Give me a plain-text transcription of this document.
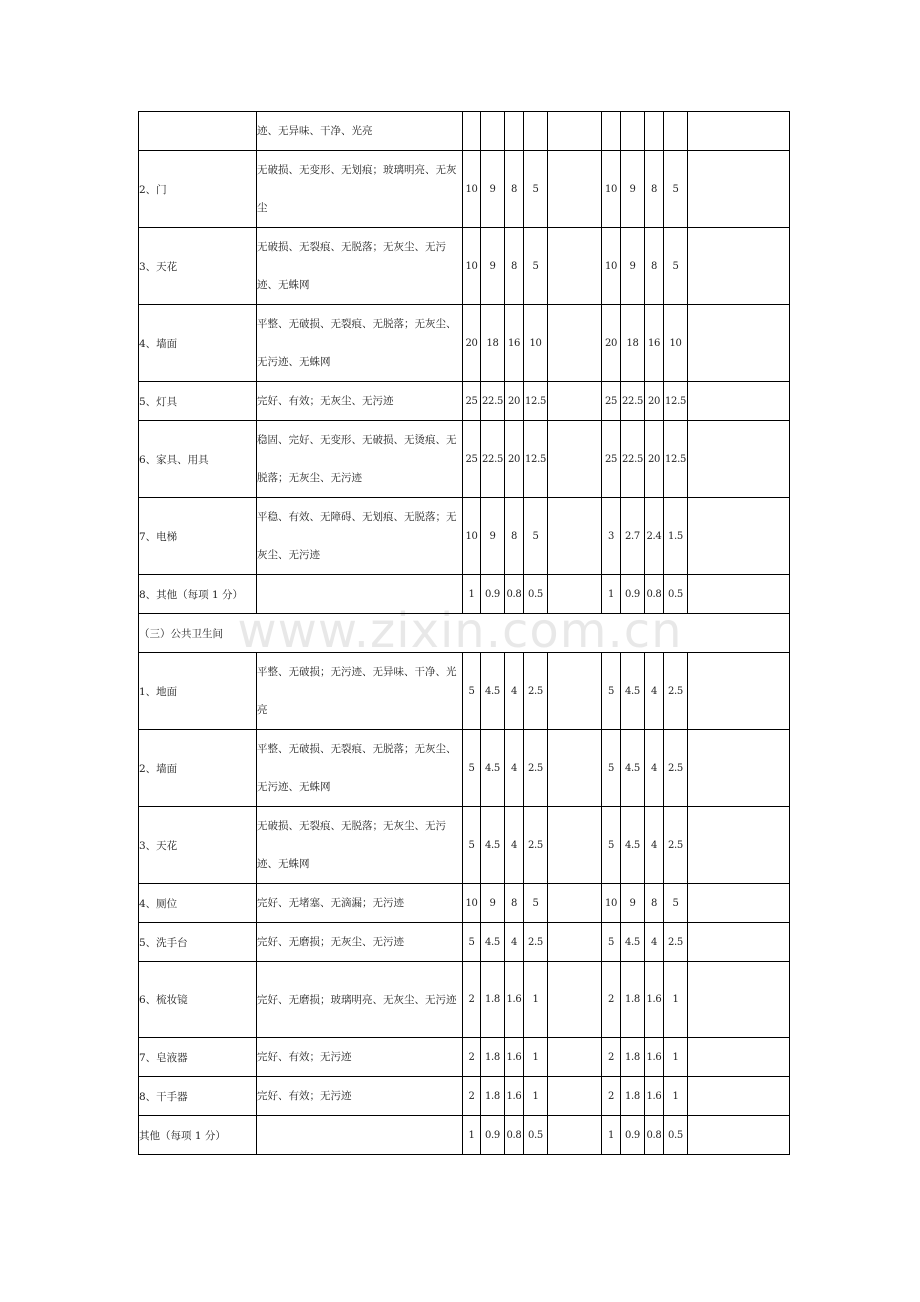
www.zixin.com.cn
	迹、无异味、干净、光亮										
2、门	无破损、无变形、无划痕；玻璃明亮、无灰尘	10	9	8	5		10	9	8	5	
3、天花	无破损、无裂痕、无脱落；无灰尘、无污迹、无蛛网	10	9	8	5		10	9	8	5	
4、墙面	平整、无破损、无裂痕、无脱落；无灰尘、无污迹、无蛛网	20	18	16	10		20	18	16	10	
5、灯具	完好、有效；无灰尘、无污迹	25	22.5	20	12.5		25	22.5	20	12.5	
6、家具、用具	稳固、完好、无变形、无破损、无烫痕、无脱落；无灰尘、无污迹	25	22.5	20	12.5		25	22.5	20	12.5	
7、电梯	平稳、有效、无障碍、无划痕、无脱落；无灰尘、无污迹	10	9	8	5		3	2.7	2.4	1.5	
8、其他（每项 1 分）		1	0.9	0.8	0.5		1	0.9	0.8	0.5	
（三）公共卫生间											
1、地面	平整、无破损；无污迹、无异味、干净、光亮	5	4.5	4	2.5		5	4.5	4	2.5	
2、墙面	平整、无破损、无裂痕、无脱落；无灰尘、无污迹、无蛛网	5	4.5	4	2.5		5	4.5	4	2.5	
3、天花	无破损、无裂痕、无脱落；无灰尘、无污迹、无蛛网	5	4.5	4	2.5		5	4.5	4	2.5	
4、厕位	完好、无堵塞、无滴漏；无污迹	10	9	8	5		10	9	8	5	
5、洗手台	完好、无磨损；无灰尘、无污迹	5	4.5	4	2.5		5	4.5	4	2.5	
6、梳妆镜	完好、无磨损；玻璃明亮、无灰尘、无污迹	2	1.8	1.6	1		2	1.8	1.6	1	
7、皂液器	完好、有效；无污迹	2	1.8	1.6	1		2	1.8	1.6	1	
8、干手器	完好、有效；无污迹	2	1.8	1.6	1		2	1.8	1.6	1	
其他（每项 1 分）		1	0.9	0.8	0.5		1	0.9	0.8	0.5	
